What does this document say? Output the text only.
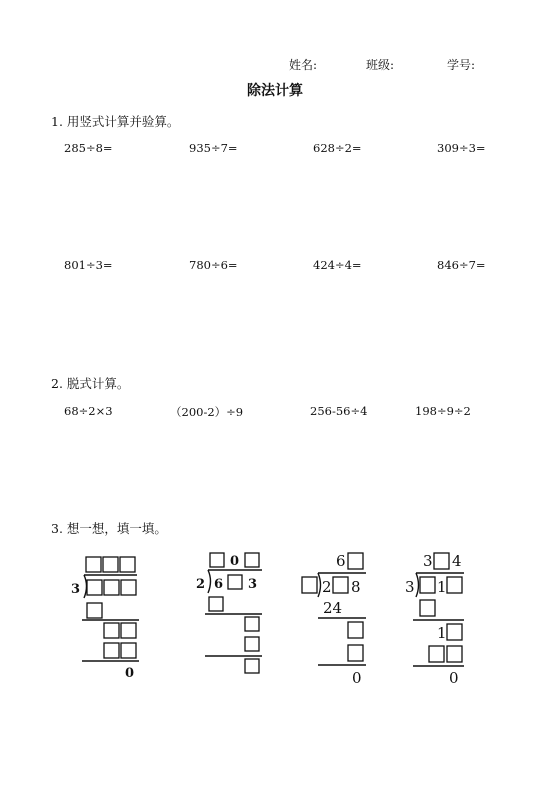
姓名:	班级:	学号:
除法计算
1. 用竖式计算并验算。
285÷8=	935÷7=	628÷2=	309÷3=
801÷3=	780÷6=	424÷4=	846÷7=
2. 脱式计算。
68÷2×3	（200-2）÷9	256-56÷4	198÷9÷2
3. 想一想，填一填。
3
0
0
2 6 3
6
2 8
24
0
3 4
3 1
1
0
